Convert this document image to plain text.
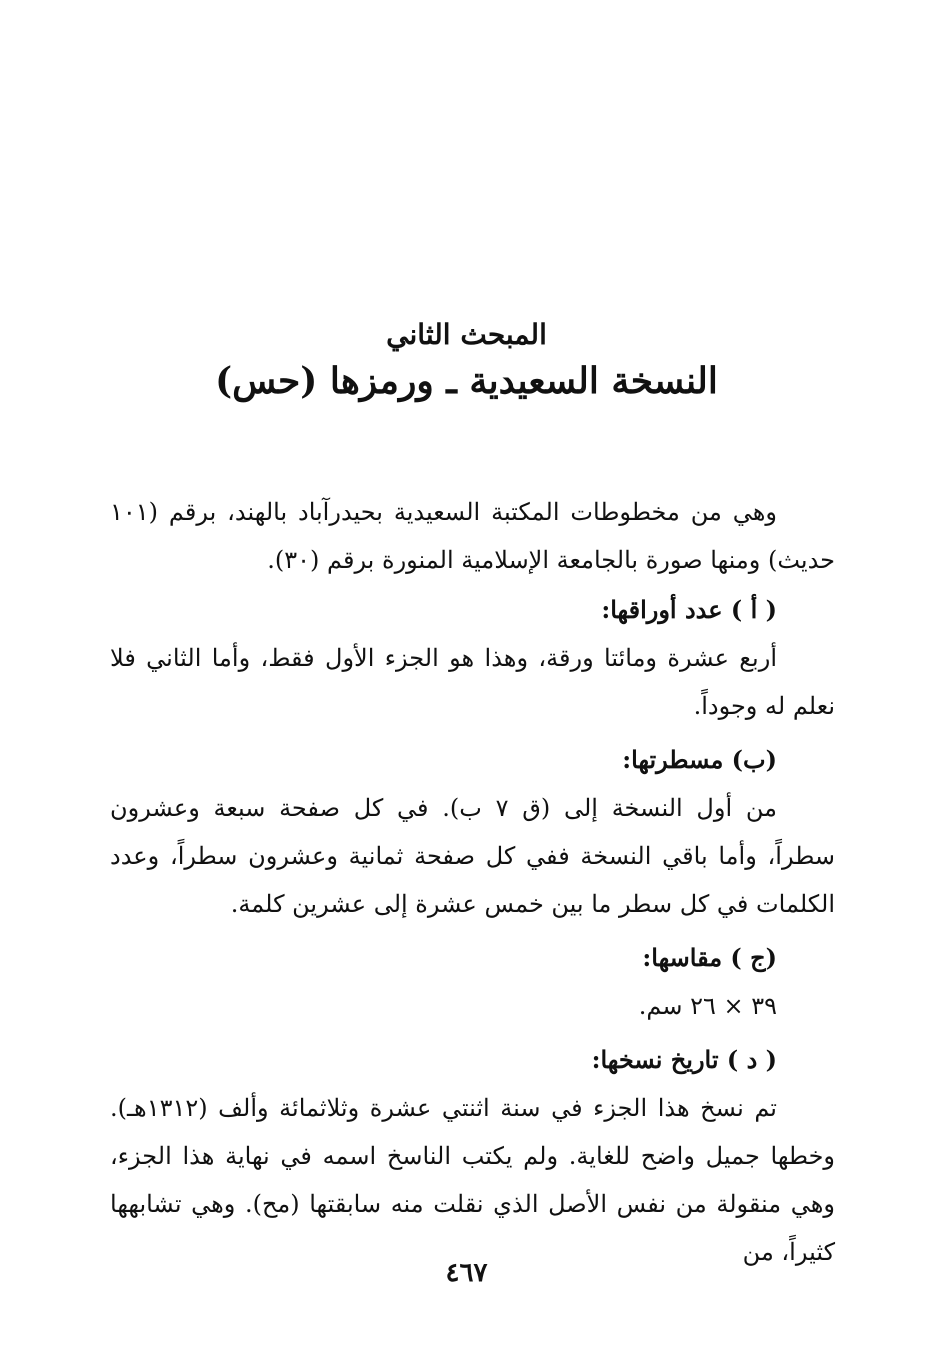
المبحث الثاني
النسخة السعيدية ـ ورمزها (حس)

وهي من مخطوطات المكتبة السعيدية بحيدرآباد بالهند، برقم (١٠١ حديث) ومنها صورة بالجامعة الإسلامية المنورة برقم (٣٠).

( أ ) عدد أوراقها:

أربع عشرة ومائتا ورقة، وهذا هو الجزء الأول فقط، وأما الثاني فلا نعلم له وجوداً.

(ب) مسطرتها:

من أول النسخة إلى (ق ٧ ب). في كل صفحة سبعة وعشرون سطراً، وأما باقي النسخة ففي كل صفحة ثمانية وعشرون سطراً، وعدد الكلمات في كل سطر ما بين خمس عشرة إلى عشرين كلمة.

(ج ) مقاسها:

٣٩ × ٢٦ سم.

( د ) تاريخ نسخها:

تم نسخ هذا الجزء في سنة اثنتي عشرة وثلاثمائة وألف (١٣١٢هـ). وخطها جميل واضح للغاية. ولم يكتب الناسخ اسمه في نهاية هذا الجزء، وهي منقولة من نفس الأصل الذي نقلت منه سابقتها (مح). وهي تشابهها كثيراً، من

٤٦٧
